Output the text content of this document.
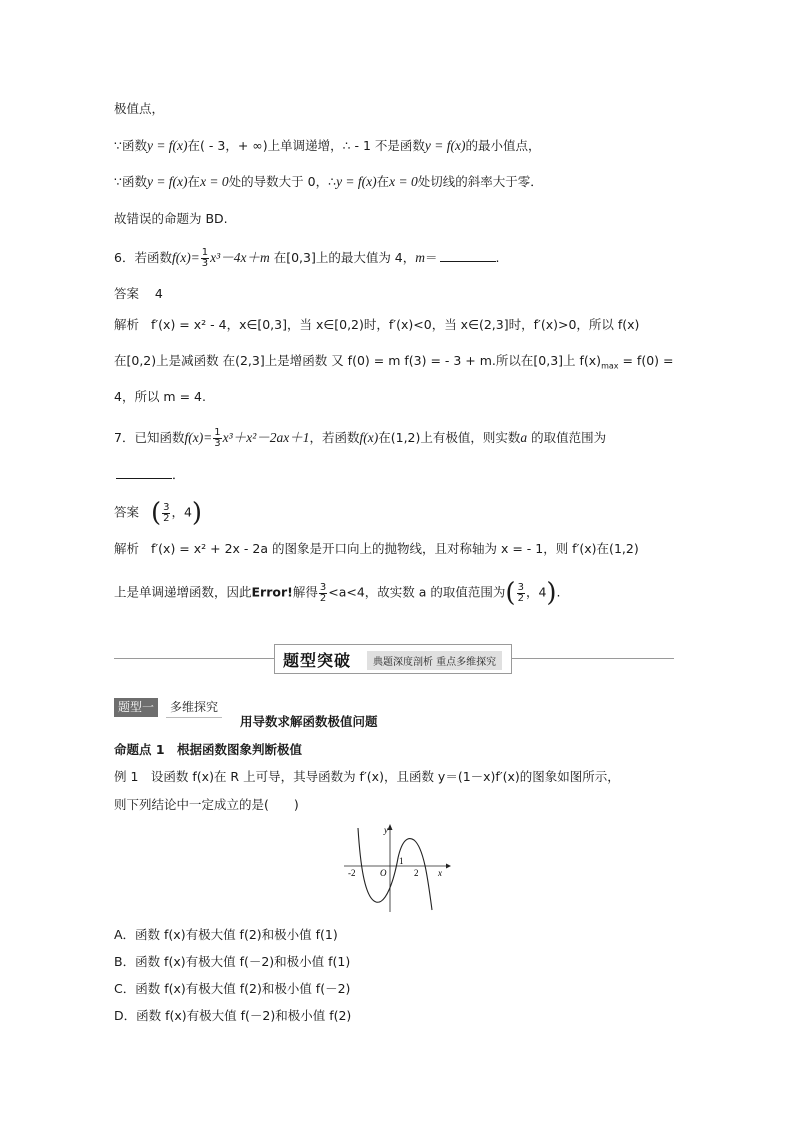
极值点，
∵函数y = f(x)在( - 3，+ ∞)上单调递增，∴ - 1 不是函数y = f(x)的最小值点，
∵函数y = f(x)在x = 0处的导数大于 0，∴y = f(x)在x = 0处切线的斜率大于零．
故错误的命题为 BD.
6．若函数$f(x)= \frac{1}{3} x^3-4x+m$ 在[0,3]上的最大值为 4，m＝	.
答案 4
解析 f′(x) = x² - 4，x∈[0,3]，当 x∈[0,2)时，f′(x)<0，当 x∈(2,3]时，f′(x)>0，所以 f(x)
在[0,2)上是减函数 在(2,3]上是增函数 又 f(0) = m f(3) = - 3 + m.所以在[0,3]上 $f(x)_{max} = f(0)$ =
4，所以 m = 4.
7．已知函数$f(x)= \frac{1}{3} x^3+x^2-2ax+1$，若函数f(x)在(1,2)上有极值，则实数a 的取值范围为
．
答案 ( $\frac{3}{2}$ ，4)
解析 f′(x) = x² + 2x - 2a 的图象是开口向上的抛物线，且对称轴为 x = - 1，则 f′(x)在(1,2)
上是单调递增函数，因此Error!解得 $\frac{3}{2} <a<4$，故实数 a 的取值范围为( $\frac{3}{2}$ ，4).
题型突破	典题深度剖析 重点多维探究
题型一	多维探究
用导数求解函数极值问题
命题点 1　根据函数图象判断极值
例 1　设函数 f(x)在 R 上可导，其导函数为 f′(x)，且函数 y＝(1－x)f′(x)的图象如图所示，
则下列结论中一定成立的是(　　)
y
x
O
-2
1
2
A．函数 f(x)有极大值 f(2)和极小值 f(1)
B．函数 f(x)有极大值 f(－2)和极小值 f(1)
C．函数 f(x)有极大值 f(2)和极小值 f(－2)
D．函数 f(x)有极大值 f(－2)和极小值 f(2)
